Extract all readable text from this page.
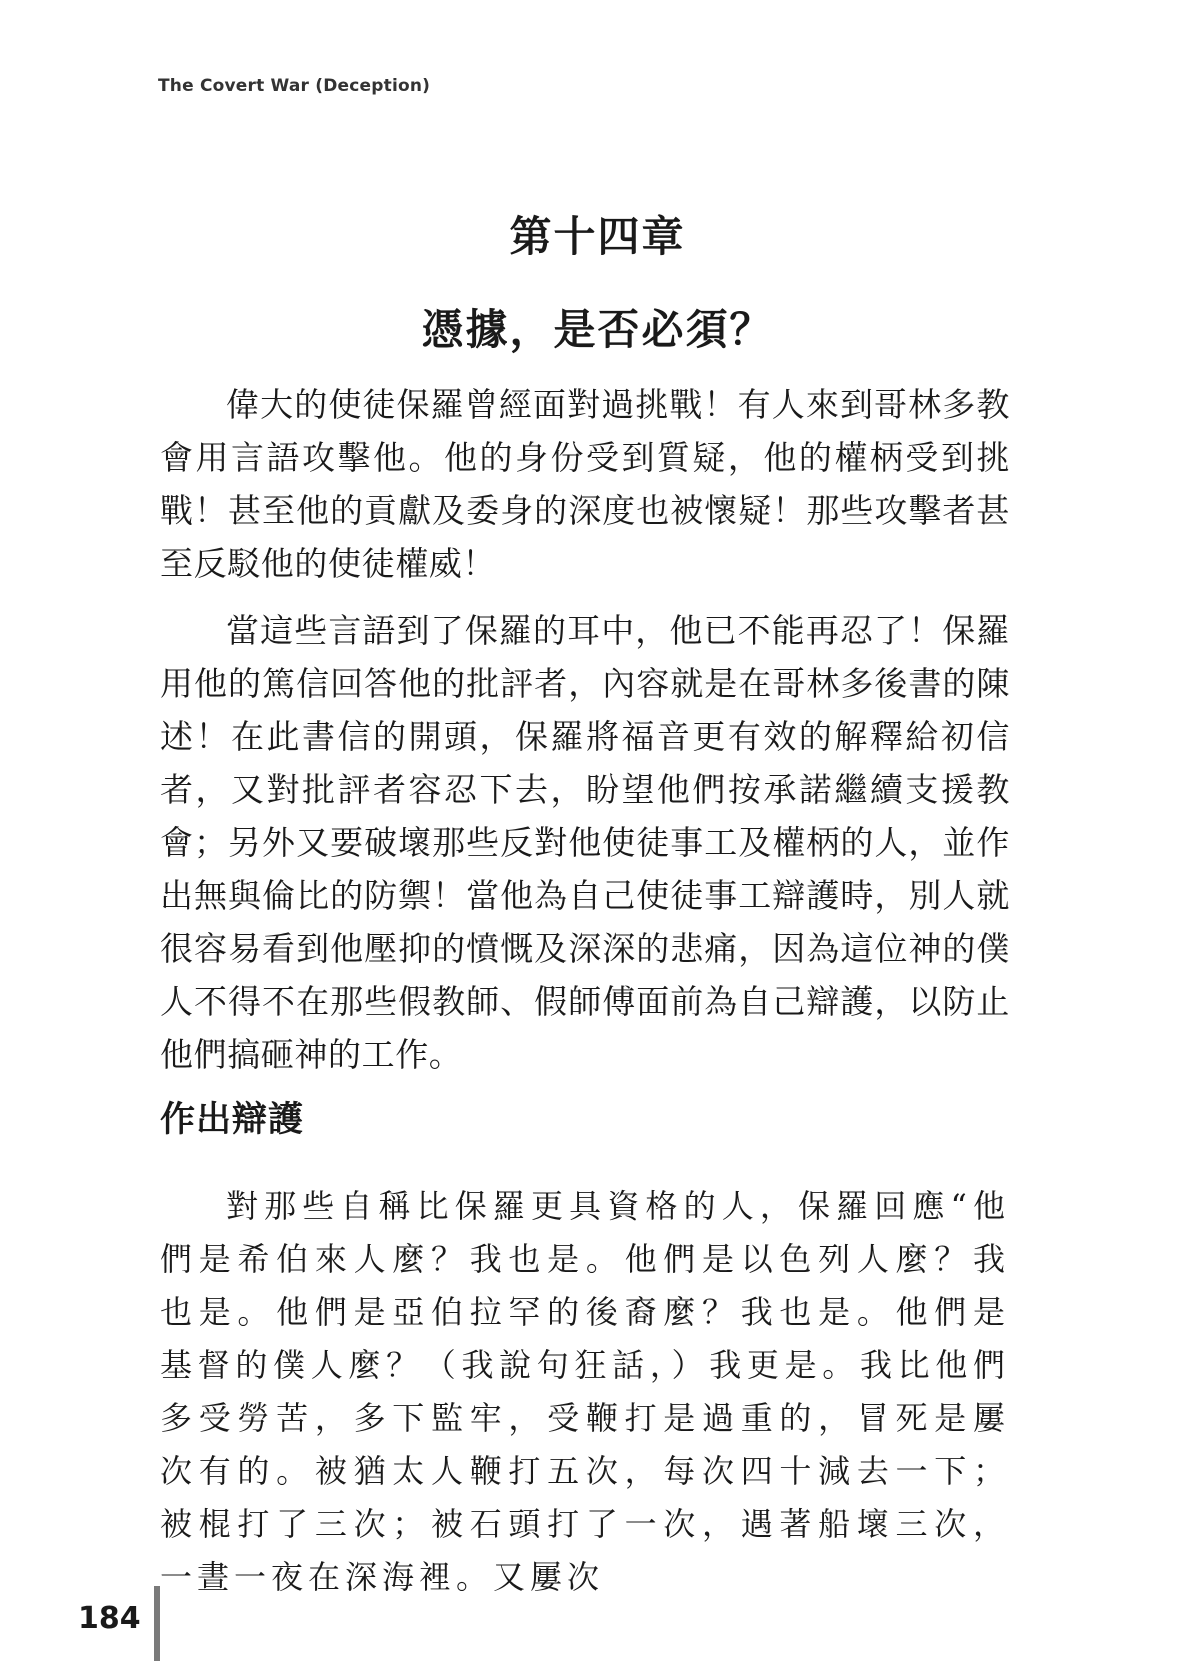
The Covert War (Deception)
第十四章
憑據，是否必須？

偉大的使徒保羅曾經面對過挑戰！有人來到哥林多教會用言語攻擊他。他的身份受到質疑，他的權柄受到挑戰！甚至他的貢獻及委身的深度也被懷疑！那些攻擊者甚至反駁他的使徒權威！

當這些言語到了保羅的耳中，他已不能再忍了！保羅用他的篤信回答他的批評者，內容就是在哥林多後書的陳述！在此書信的開頭，保羅將福音更有效的解釋給初信者，又對批評者容忍下去，盼望他們按承諾繼續支援教會；另外又要破壞那些反對他使徒事工及權柄的人，並作出無與倫比的防禦！當他為自己使徒事工辯護時，別人就很容易看到他壓抑的憤慨及深深的悲痛，因為這位神的僕人不得不在那些假教師、假師傅面前為自己辯護，以防止他們搞砸神的工作。

作出辯護

對那些自稱比保羅更具資格的人，保羅回應“他們是希伯來人麼？我也是。他們是以色列人麼？我也是。他們是亞伯拉罕的後裔麼？我也是。他們是基督的僕人麼？（我說句狂話，）我更是。我比他們多受勞苦，多下監牢，受鞭打是過重的，冒死是屢次有的。被猶太人鞭打五次，每次四十減去一下；被棍打了三次；被石頭打了一次，遇著船壞三次，一晝一夜在深海裡。又屢次

184
